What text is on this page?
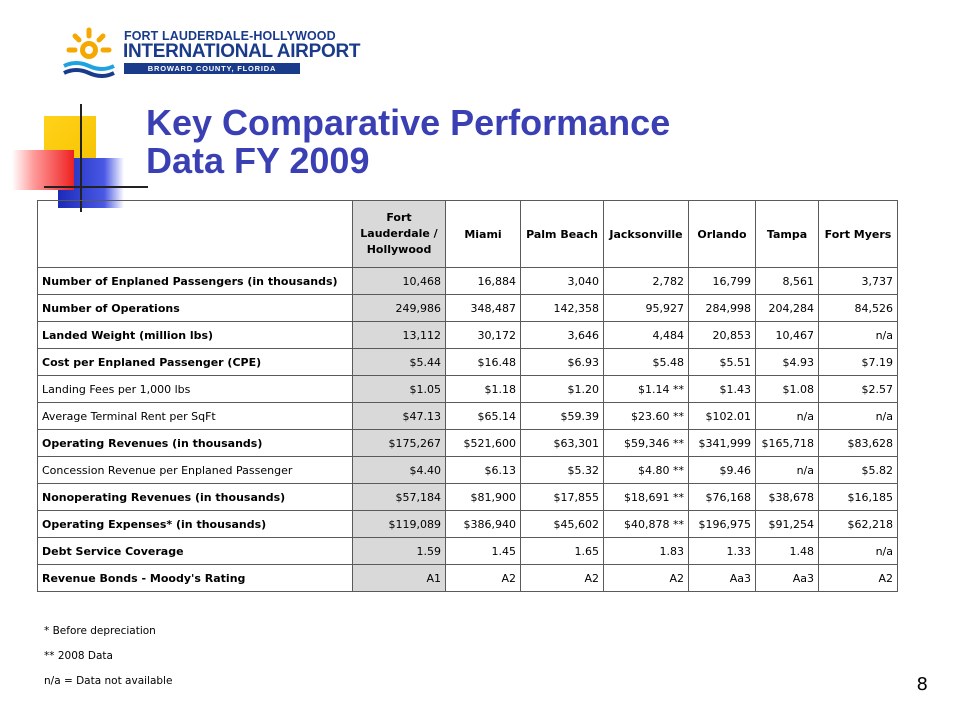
FORT LAUDERDALE-HOLLYWOOD
INTERNATIONAL AIRPORT
BROWARD COUNTY, FLORIDA
Key Comparative Performance
Data FY 2009
	Fort Lauderdale / Hollywood	Miami	Palm Beach	Jacksonville	Orlando	Tampa	Fort Myers
Number of Enplaned Passengers (in thousands)	10,468	16,884	3,040	2,782	16,799	8,561	3,737
Number of Operations	249,986	348,487	142,358	95,927	284,998	204,284	84,526
Landed Weight (million lbs)	13,112	30,172	3,646	4,484	20,853	10,467	n/a
Cost per Enplaned Passenger (CPE)	$5.44	$16.48	$6.93	$5.48	$5.51	$4.93	$7.19
Landing Fees per 1,000 lbs	$1.05	$1.18	$1.20	$1.14 **	$1.43	$1.08	$2.57
Average Terminal Rent per SqFt	$47.13	$65.14	$59.39	$23.60 **	$102.01	n/a	n/a
Operating Revenues (in thousands)	$175,267	$521,600	$63,301	$59,346 **	$341,999	$165,718	$83,628
Concession Revenue per Enplaned Passenger	$4.40	$6.13	$5.32	$4.80 **	$9.46	n/a	$5.82
Nonoperating Revenues (in thousands)	$57,184	$81,900	$17,855	$18,691 **	$76,168	$38,678	$16,185
Operating Expenses* (in thousands)	$119,089	$386,940	$45,602	$40,878 **	$196,975	$91,254	$62,218
Debt Service Coverage	1.59	1.45	1.65	1.83	1.33	1.48	n/a
Revenue Bonds - Moody's Rating	A1	A2	A2	A2	Aa3	Aa3	A2
* Before depreciation
** 2008 Data
n/a = Data not available	8
